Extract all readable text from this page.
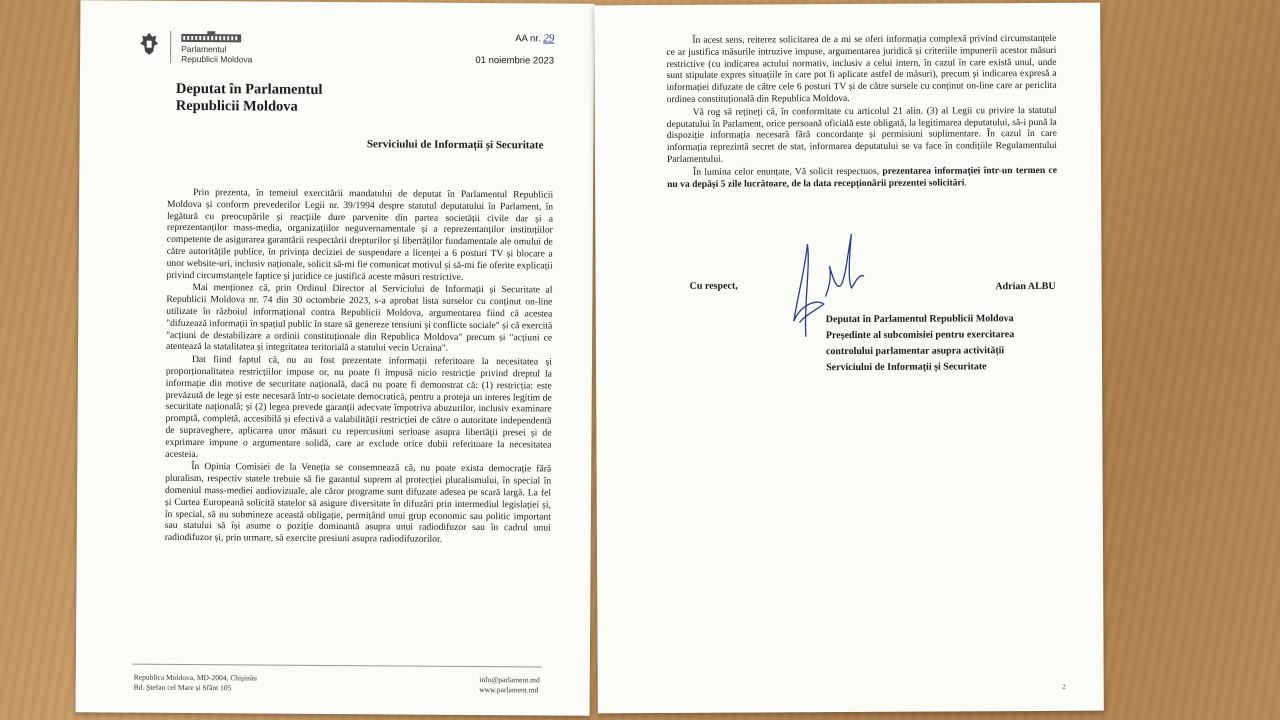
Parlamentul
Republicii Moldova
AA nr. 29
01 noiembrie 2023
Deputat în Parlamentul
Republicii Moldova
Serviciului de Informații și Securitate

Prin prezenta, în temeiul exercitării mandatului de deputat în Parlamentul Republicii Moldova și conform prevederilor Legii nr. 39/1994 despre statutul deputatului în Parlament, în legătură cu preocupările și reacțiile dure parvenite din partea societății civile dar și a reprezentanților mass-media, organizațiilor neguvernamentale și a reprezentanților instituțiilor competente de asigurarea garantării respectării drepturilor și libertăților fundamentale ale omului de către autoritățile publice, în privința deciziei de suspendare a licenței a 6 posturi TV și blocare a unor website-uri, inclusiv naționale, solicit să-mi fie comunicat motivul și să-mi fie oferite explicații privind circumstanțele faptice și juridice ce justifică aceste măsuri restrictive.

Mai menționez că, prin Ordinul Director al Serviciului de Informații și Securitate al Republicii Moldova nr. 74 din 30 octombrie 2023, s-a aprobat lista surselor cu conținut on-line utilizate în războiul informațional contra Republicii Moldova, argumentarea fiind că acestea "difuzează informații în spațiul public în stare să genereze tensiuni și conflicte sociale" și că exercită "acțiuni de destabilizare a ordinii constituționale din Republica Moldova" precum și "acțiuni ce atentează la statalitatea și integritatea teritorială a statului vecin Ucraina".

Dat fiind faptul că, nu au fost prezentate informații referitoare la necesitatea și proporționalitatea restricțiilor impuse or, nu poate fi impusă nicio restricție privind dreptul la informație din motive de securitate națională, dacă nu poate fi demonstrat că: (1) restricția: este prevăzută de lege și este necesară într-o societate democratică, pentru a proteja un interes legitim de securitate națională; și (2) legea prevede garanții adecvate împotriva abuzurilor, inclusiv examinare promptă, completă, accesibilă și efectivă a valabilității restricției de către o autoritate independentă de supraveghere, aplicarea unor măsuri cu repercusiuni serioase asupra libertății presei și de exprimare impune o argumentare solidă, care ar exclude orice dubii referitoare la necesitatea acesteia.

În Opinia Comisiei de la Veneția se consemnează că, nu poate exista democrație fără pluralism, respectiv statele trebuie să fie garantul suprem al protecției pluralismului, în special în domeniul mass-mediei audiovizuale, ale căror programe sunt difuzate adesea pe scară largă. La fel și Curtea Europeană solicită statelor să asigure diversitate în difuzări prin intermediul legislației și, în special, să nu submineze această obligație, permițând unui grup economic sau politic important sau statului să își asume o poziție dominantă asupra unui radiodifuzor sau în cadrul unui radiodifuzor și, prin urmare, să exercite presiuni asupra radiodifuzorilor.

Republica Moldova, MD-2004, Chișinău
Bd. Ștefan cel Mare și Sfânt 105
info@parlament.md
www.parlament.md

În acest sens, reiterez solicitarea de a mi se oferi informația complexă privind circumstanțele ce ar justifica măsurile intruzive impuse, argumentarea juridică și criteriile impunerii acestor măsuri restrictive (cu indicarea actului normativ, inclusiv a celui intern, în cazul în care există unul, unde sunt stipulate expres situațiile în care pot fi aplicate astfel de măsuri), precum și indicarea expresă a informației difuzate de către cele 6 posturi TV și de către sursele cu conținut on-line care ar periclita ordinea constituțională din Republica Moldova.

Vă rog să rețineți că, în conformitate cu articolul 21 alin. (3) al Legii cu privire la statutul deputatului în Parlament, orice persoană oficială este obligată, la legitimarea deputatului, să-i pună la dispoziție informația necesară fără concordanțe și permisiuni suplimentare. În cazul în care informația reprezintă secret de stat, informarea deputatului se va face în condițiile Regulamentului Parlamentului.

În lumina celor enunțate, Vă solicit respectuos, prezentarea informației într-un termen ce nu va depăși 5 zile lucrătoare, de la data recepționării prezentei solicitări.

Cu respect,	Adrian ALBU
Deputat în Parlamentul Republicii Moldova
Președinte al subcomisiei pentru exercitarea
controlului parlamentar asupra activității
Serviciului de Informații și Securitate
2
